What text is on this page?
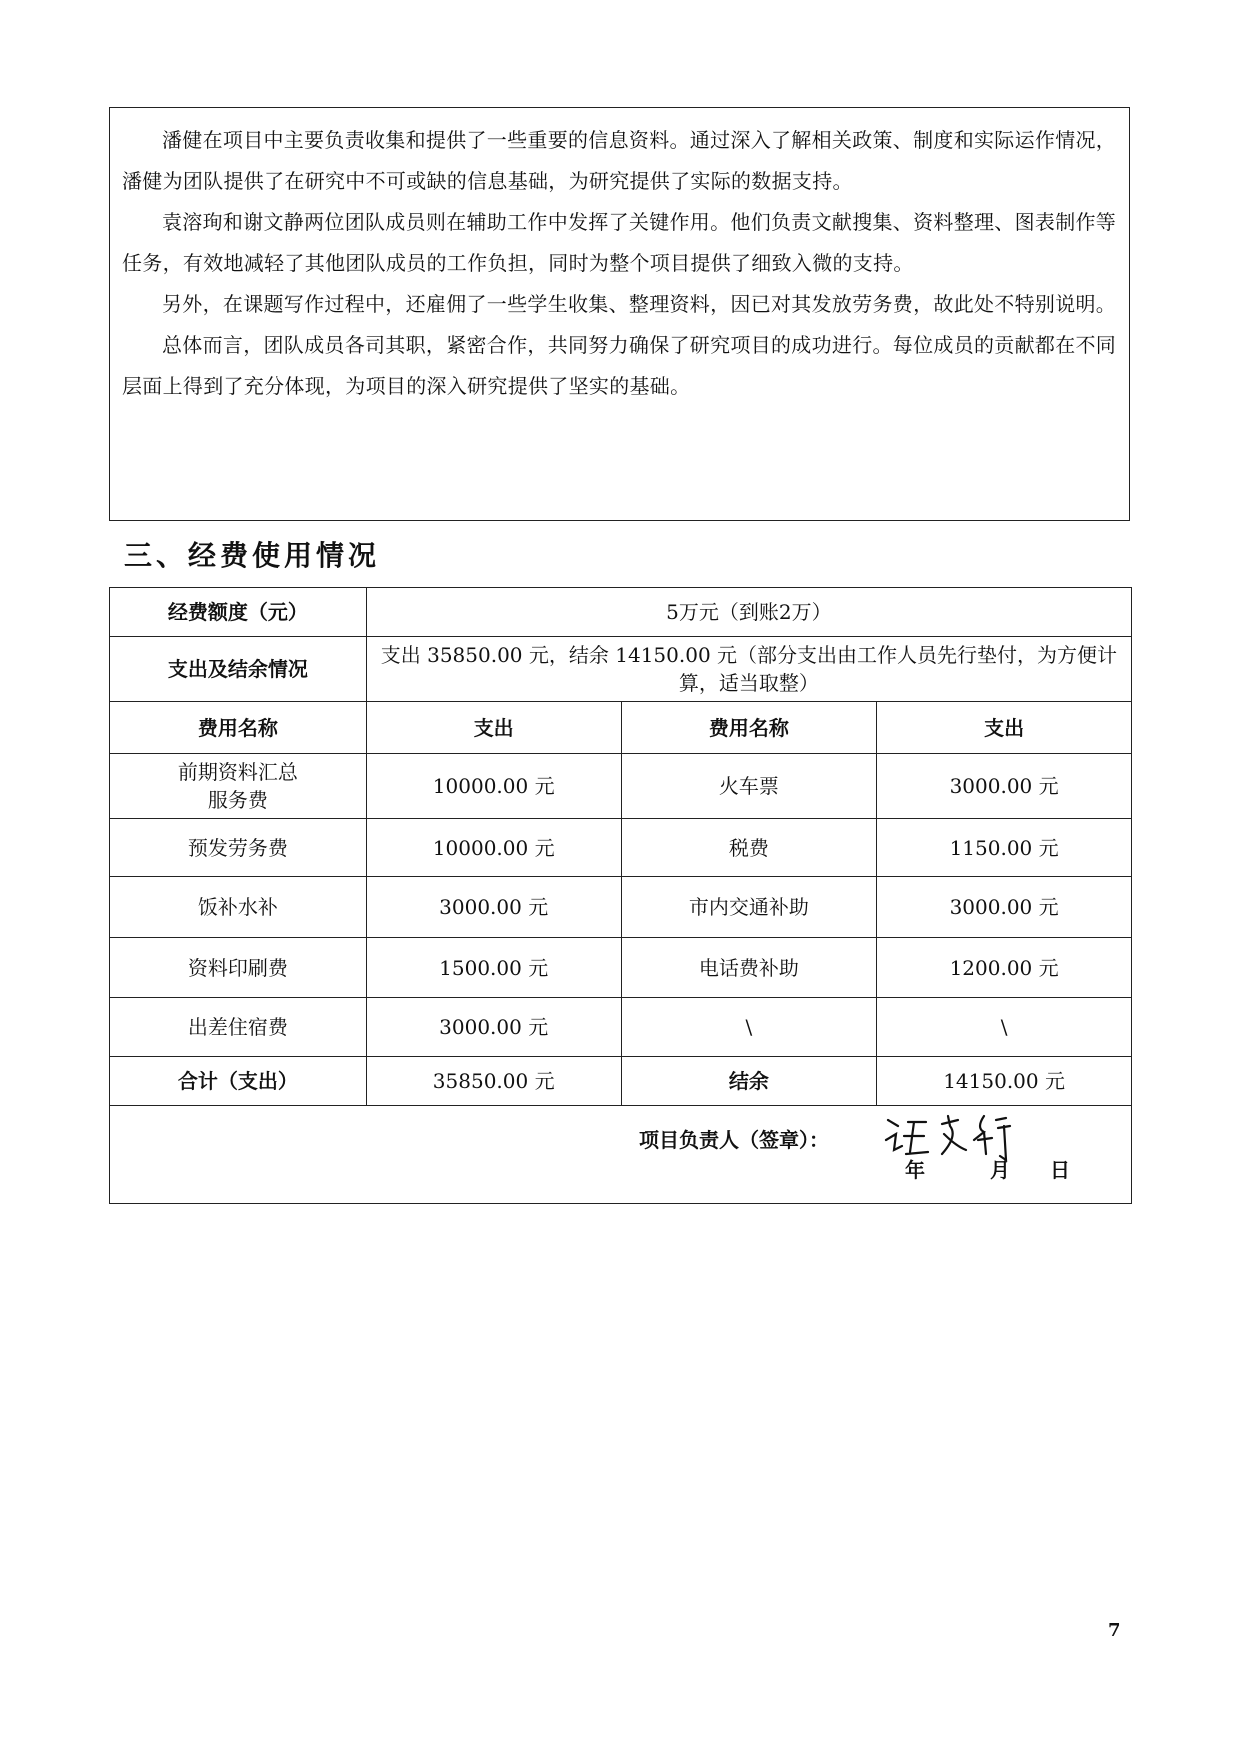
潘健在项目中主要负责收集和提供了一些重要的信息资料。通过深入了解相关政策、制度和实际运作情况，潘健为团队提供了在研究中不可或缺的信息基础，为研究提供了实际的数据支持。

袁溶珣和谢文静两位团队成员则在辅助工作中发挥了关键作用。他们负责文献搜集、资料整理、图表制作等任务，有效地减轻了其他团队成员的工作负担，同时为整个项目提供了细致入微的支持。

另外，在课题写作过程中，还雇佣了一些学生收集、整理资料，因已对其发放劳务费，故此处不特别说明。

总体而言，团队成员各司其职，紧密合作，共同努力确保了研究项目的成功进行。每位成员的贡献都在不同层面上得到了充分体现，为项目的深入研究提供了坚实的基础。

三、经费使用情况
经费额度（元）	5万元（到账2万）		
支出及结余情况	支出 35850.00 元，结余 14150.00 元（部分支出由工作人员先行垫付，为方便计算，适当取整）		
费用名称	支出	费用名称	支出
前期资料汇总服务费	10000.00 元	火车票	3000.00 元
预发劳务费	10000.00 元	税费	1150.00 元
饭补水补	3000.00 元	市内交通补助	3000.00 元
资料印刷费	1500.00 元	电话费补助	1200.00 元
出差住宿费	3000.00 元	\	\
合计（支出）	35850.00 元	结余	14150.00 元

项目负责人（签章）：
年 月 日			
7
